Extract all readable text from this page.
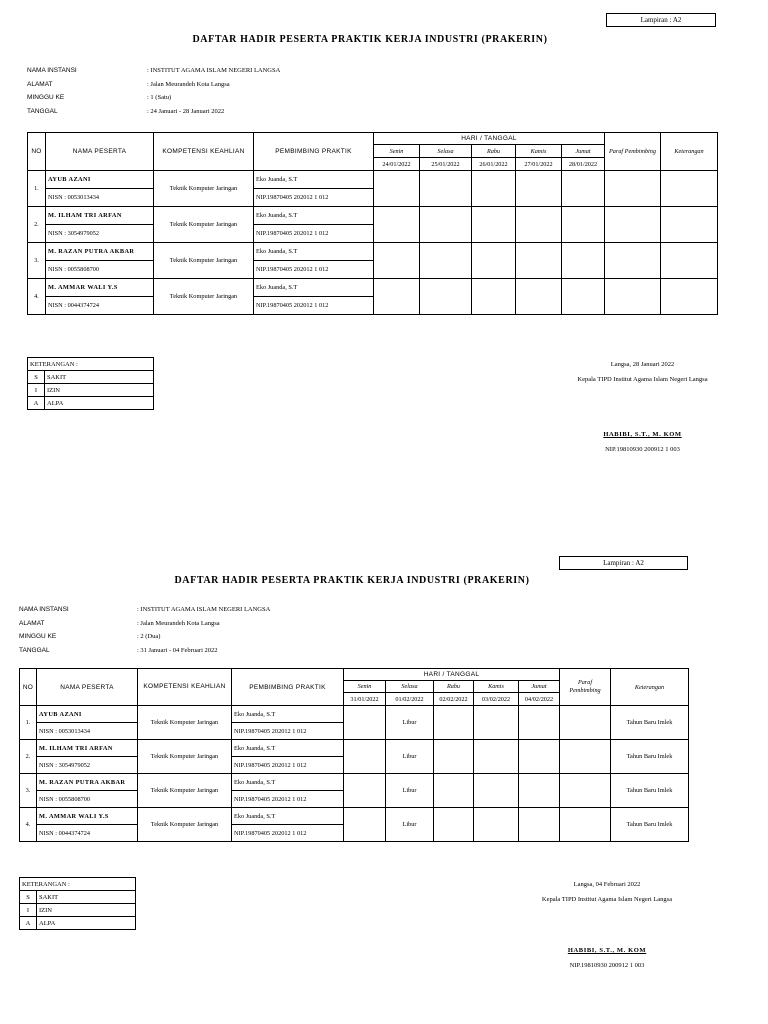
Lampiran : A2
DAFTAR HADIR PESERTA PRAKTIK KERJA INDUSTRI (PRAKERIN)
NAMA INSTANSI	: INSTITUT AGAMA ISLAM NEGERI LANGSA
ALAMAT	: Jalan Meurandeh Kota Langsa
MINGGU KE	: 1 (Satu)
TANGGAL	: 24 Januari - 28 Januari 2022
NO	NAMA PESERTA	KOMPETENSI KEAHLIAN	PEMBIMBING PRAKTIK	HARI / TANGGAL					Paraf Pembimbing	Keterangan
				Senin	Selasa	Rabu	Kamis	Jumat		
				24/01/2022	25/01/2022	26/01/2022	27/01/2022	28/01/2022		
1.	AYUB AZANI	Teknik Komputer Jaringan	Eko Juanda, S.T							
	NISN : 0053013434		NIP.19870405 202012 1 012							
2.	M. ILHAM TRI ARFAN	Teknik Komputer Jaringan	Eko Juanda, S.T							
	NISN : 3054979052		NIP.19870405 202012 1 012							
3.	M. RAZAN PUTRA AKBAR	Teknik Komputer Jaringan	Eko Juanda, S.T							
	NISN : 0055808700		NIP.19870405 202012 1 012							
4.	M. AMMAR WALI Y.S	Teknik Komputer Jaringan	Eko Juanda, S.T							
	NISN : 0044374724		NIP.19870405 202012 1 012							
KETERANGAN :	
S	SAKIT
I	IZIN
A	ALPA
Langsa, 28 Januari 2022
Kepala TIPD Institut Agama Islam Negeri Langsa
HABIBI, S.T., M. KOM
NIP.19810930 200912 1 003
Lampiran : A2
DAFTAR HADIR PESERTA PRAKTIK KERJA INDUSTRI (PRAKERIN)
NAMA INSTANSI	: INSTITUT AGAMA ISLAM NEGERI LANGSA
ALAMAT	: Jalan Meurandeh Kota Langsa
MINGGU KE	: 2 (Dua)
TANGGAL	: 31 Januari - 04 Februari 2022
NO	NAMA PESERTA	KOMPETENSI KEAHLIAN	PEMBIMBING PRAKTIK	HARI / TANGGAL					Paraf Pembimbing	Keterangan
				Senin	Selasa	Rabu	Kamis	Jumat		
				31/01/2022	01/02/2022	02/02/2022	03/02/2022	04/02/2022		
1.	AYUB AZANI	Teknik Komputer Jaringan	Eko Juanda, S.T		Libur					Tahun Baru Imlek
	NISN : 0053013434		NIP.19870405 202012 1 012							
2.	M. ILHAM TRI ARFAN	Teknik Komputer Jaringan	Eko Juanda, S.T		Libur					Tahun Baru Imlek
	NISN : 3054979052		NIP.19870405 202012 1 012							
3.	M. RAZAN PUTRA AKBAR	Teknik Komputer Jaringan	Eko Juanda, S.T		Libur					Tahun Baru Imlek
	NISN : 0055808700		NIP.19870405 202012 1 012							
4.	M. AMMAR WALI Y.S	Teknik Komputer Jaringan	Eko Juanda, S.T		Libur					Tahun Baru Imlek
	NISN : 0044374724		NIP.19870405 202012 1 012							
KETERANGAN :	
S	SAKIT
I	IZIN
A	ALPA
Langsa, 04 Februari 2022
Kepala TIPD Institut Agama Islam Negeri Langsa
HABIBI, S.T., M. KOM
NIP.19810930 200912 1 003
